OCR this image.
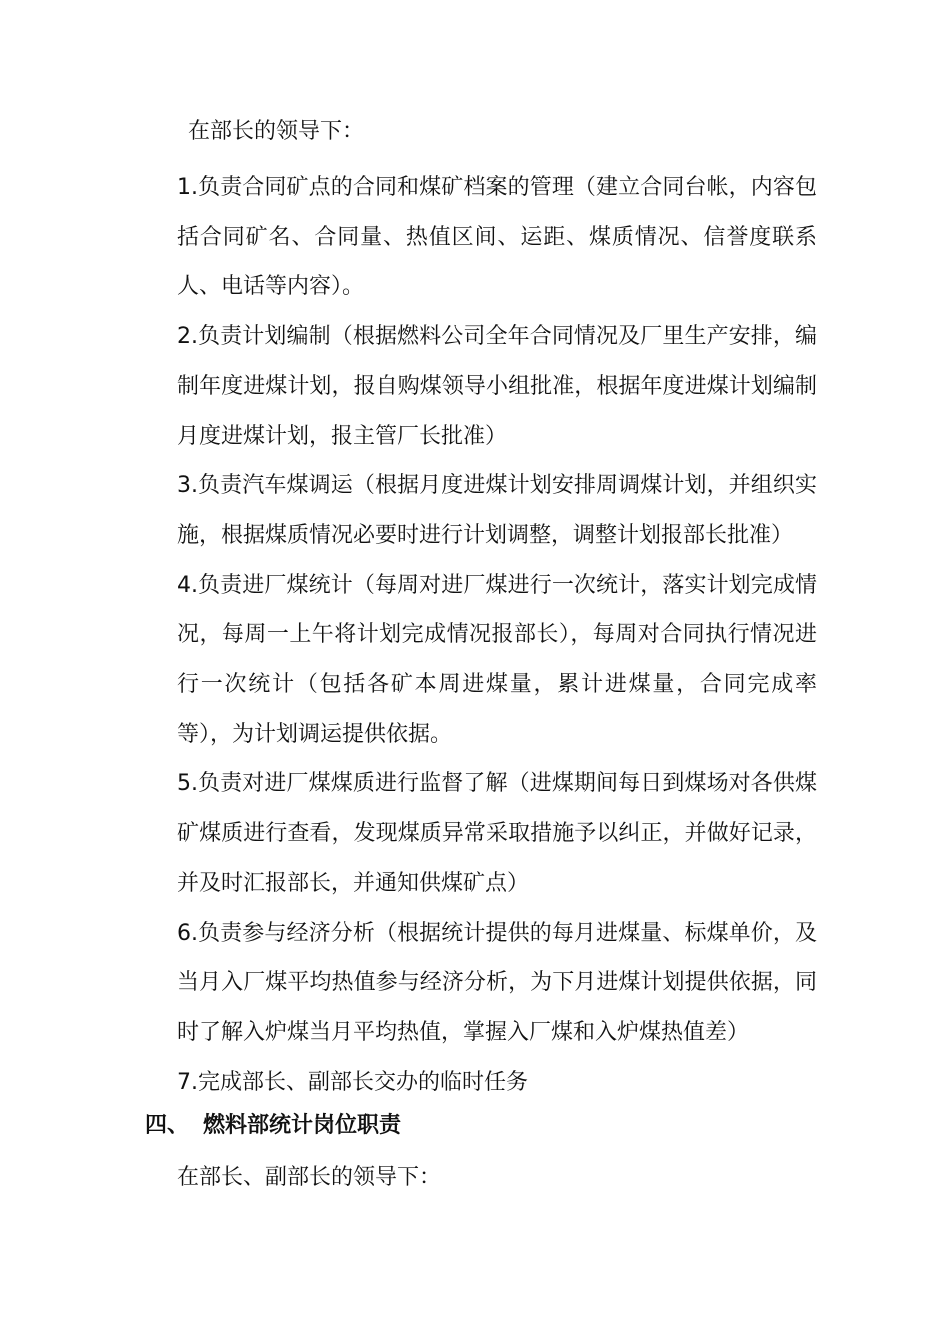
在部长的领导下：

1.负责合同矿点的合同和煤矿档案的管理（建立合同台帐，内容包括合同矿名、合同量、热值区间、运距、煤质情况、信誉度联系人、电话等内容）。

2.负责计划编制（根据燃料公司全年合同情况及厂里生产安排，编制年度进煤计划，报自购煤领导小组批准，根据年度进煤计划编制月度进煤计划，报主管厂长批准）

3.负责汽车煤调运（根据月度进煤计划安排周调煤计划，并组织实施，根据煤质情况必要时进行计划调整，调整计划报部长批准）

4.负责进厂煤统计（每周对进厂煤进行一次统计，落实计划完成情况，每周一上午将计划完成情况报部长），每周对合同执行情况进行一次统计（包括各矿本周进煤量，累计进煤量，合同完成率等），为计划调运提供依据。

5.负责对进厂煤煤质进行监督了解（进煤期间每日到煤场对各供煤矿煤质进行查看，发现煤质异常采取措施予以纠正，并做好记录，并及时汇报部长，并通知供煤矿点）

6.负责参与经济分析（根据统计提供的每月进煤量、标煤单价，及当月入厂煤平均热值参与经济分析，为下月进煤计划提供依据，同时了解入炉煤当月平均热值，掌握入厂煤和入炉煤热值差）

7.完成部长、副部长交办的临时任务

四、 燃料部统计岗位职责
在部长、副部长的领导下：
